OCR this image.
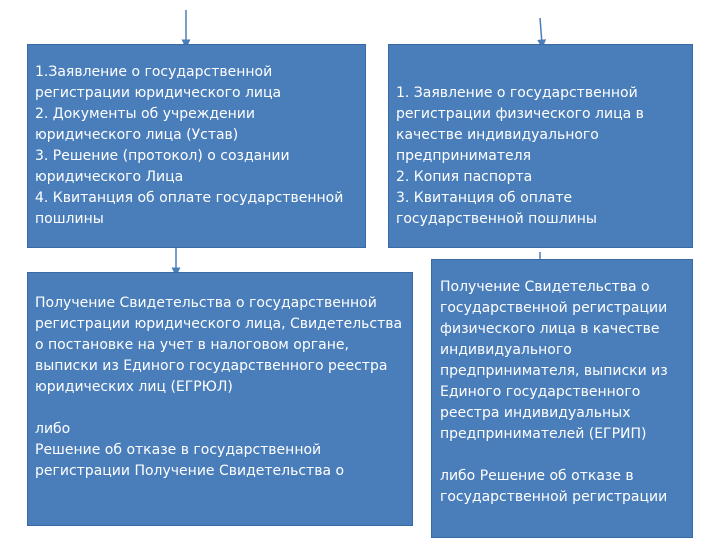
1.Заявление о государственной
регистрации юридического лица
2. Документы об учреждении
юридического лица (Устав)
3. Решение (протокол) о создании
юридического Лица
4. Квитанция об оплате государственной
пошлины
1. Заявление о государственной
регистрации физического лица в
качестве индивидуального
предпринимателя
2. Копия паспорта
3. Квитанция об оплате
государственной пошлины
Получение Свидетельства о государственной
регистрации юридического лица, Свидетельства
о постановке на учет в налоговом органе,
выписки из Единого государственного реестра
юридических лиц (ЕГРЮЛ)

либо
Решение об отказе в государственной
регистрации Получение Свидетельства о
Получение Свидетельства о
государственной регистрации
физического лица в качестве
индивидуального
предпринимателя, выписки из
Единого государственного
реестра индивидуальных
предпринимателей (ЕГРИП)

либо Решение об отказе в
государственной регистрации
